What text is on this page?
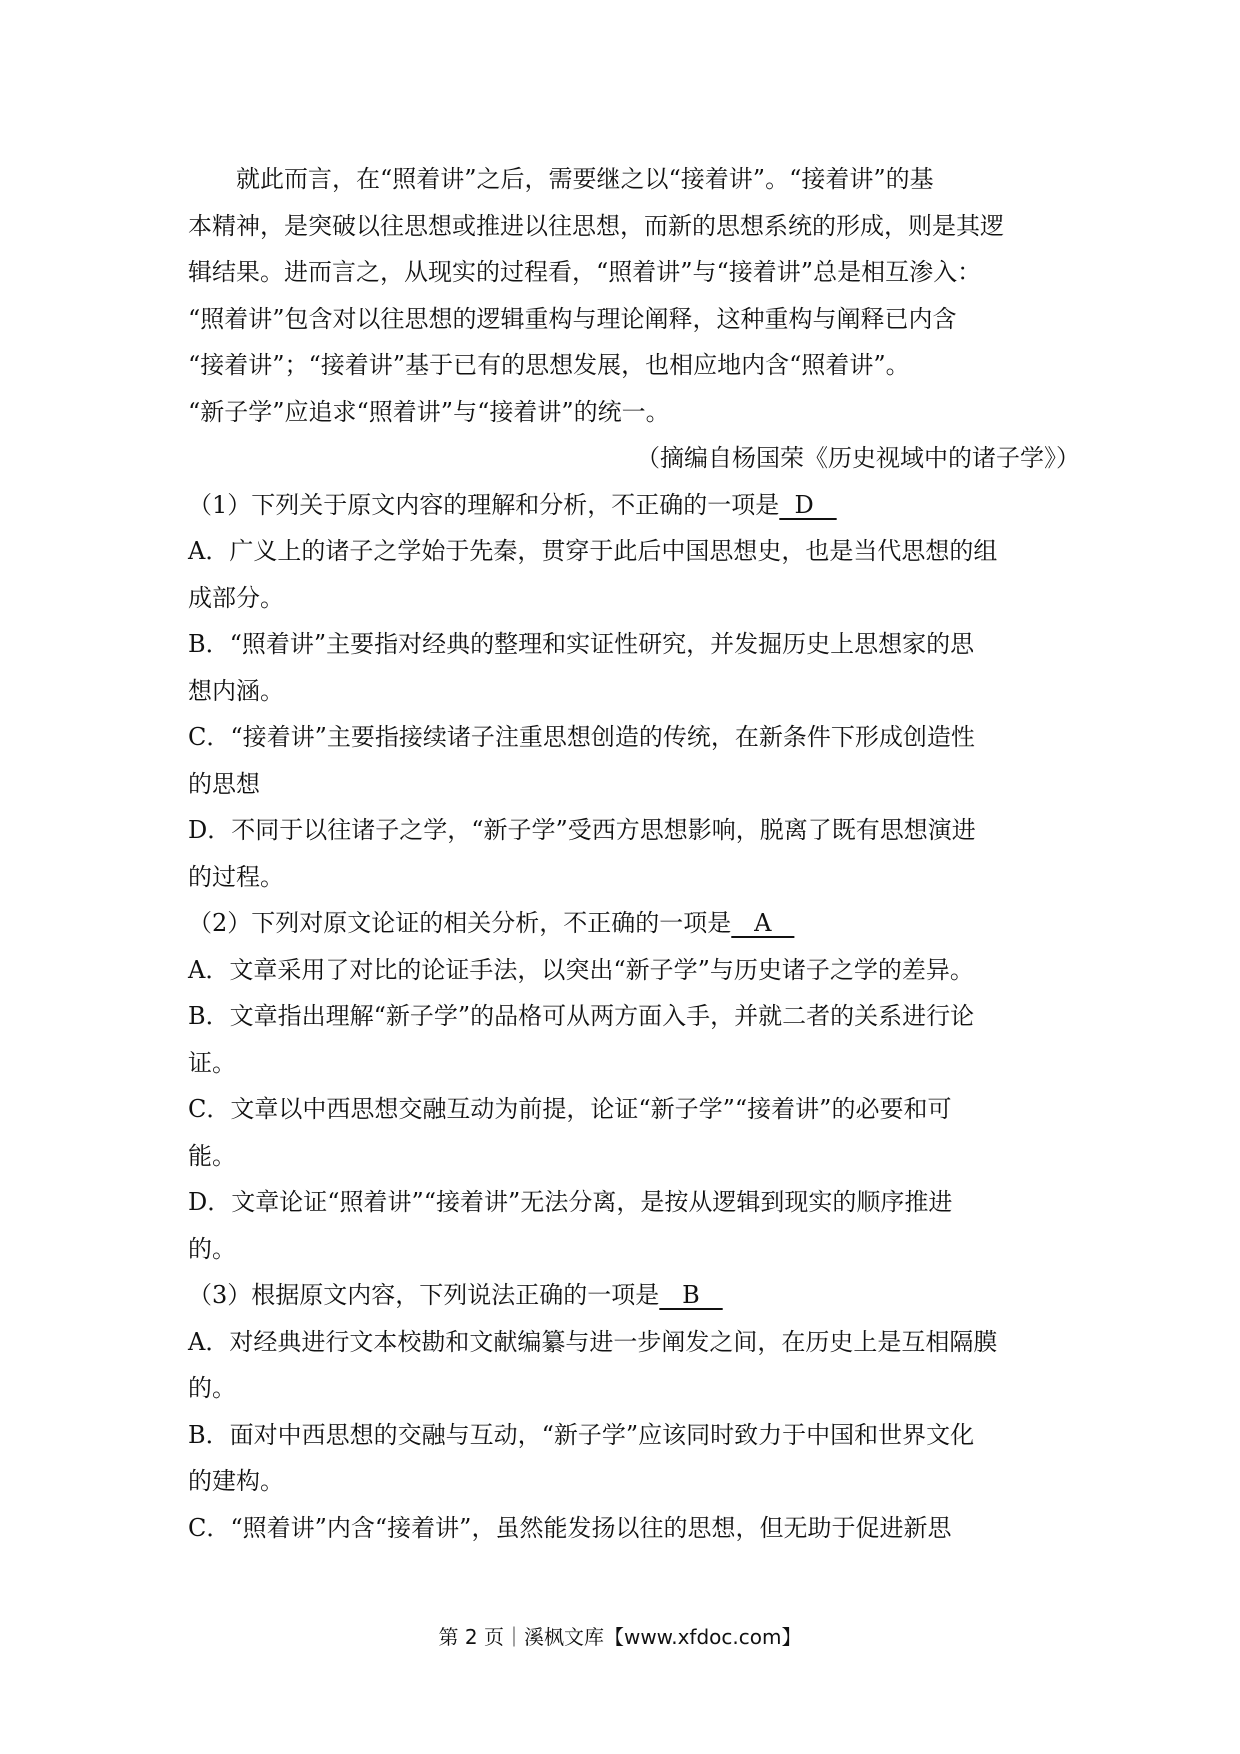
就此而言，在“照着讲”之后，需要继之以“接着讲”。“接着讲”的基
本精神，是突破以往思想或推进以往思想，而新的思想系统的形成，则是其逻
辑结果。进而言之，从现实的过程看，“照着讲”与“接着讲”总是相互渗入：
“照着讲”包含对以往思想的逻辑重构与理论阐释，这种重构与阐释已内含
“接着讲”；“接着讲”基于已有的思想发展，也相应地内含“照着讲”。
“新子学”应追求“照着讲”与“接着讲”的统一。
（摘编自杨国荣《历史视域中的诸子学》）
（1）下列关于原文内容的理解和分析，不正确的一项是  D
A．广义上的诸子之学始于先秦，贯穿于此后中国思想史，也是当代思想的组
成部分。
B．“照着讲”主要指对经典的整理和实证性研究，并发掘历史上思想家的思
想内涵。
C．“接着讲”主要指接续诸子注重思想创造的传统，在新条件下形成创造性
的思想
D．不同于以往诸子之学，“新子学”受西方思想影响，脱离了既有思想演进
的过程。
（2）下列对原文论证的相关分析，不正确的一项是   A
A．文章采用了对比的论证手法，以突出“新子学”与历史诸子之学的差异。
B．文章指出理解“新子学”的品格可从两方面入手，并就二者的关系进行论
证。
C．文章以中西思想交融互动为前提，论证“新子学”“接着讲”的必要和可
能。
D．文章论证“照着讲”“接着讲”无法分离，是按从逻辑到现实的顺序推进
的。
（3）根据原文内容，下列说法正确的一项是   B
A．对经典进行文本校勘和文献编纂与进一步阐发之间，在历史上是互相隔膜
的。
B．面对中西思想的交融与互动，“新子学”应该同时致力于中国和世界文化
的建构。
C．“照着讲”内含“接着讲”，虽然能发扬以往的思想，但无助于促进新思
第 2 页｜溪枫文库【www.xfdoc.com】
